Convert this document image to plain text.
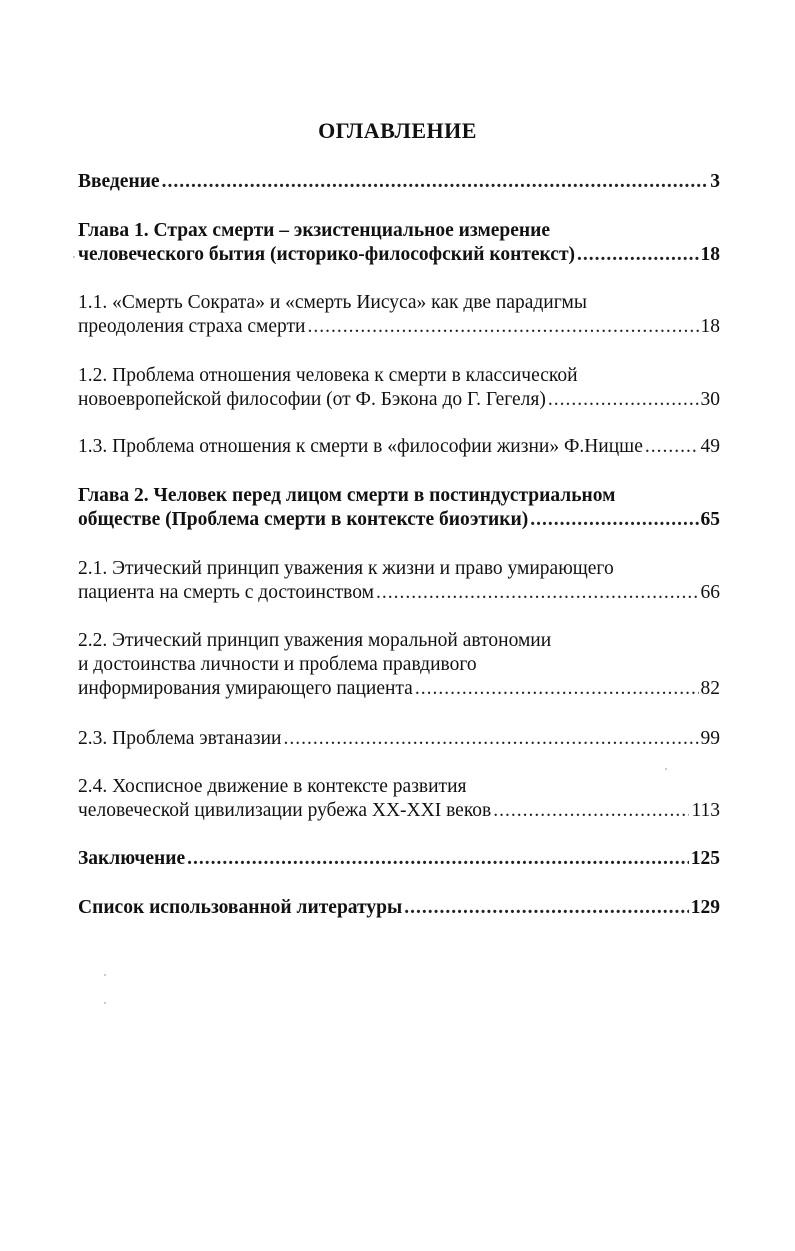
ОГЛАВЛЕНИЕ
Введение .....	3
Глава 1. Страх смерти – экзистенциальное измерение
человеческого бытия (историко-философский контекст) .....	18
1.1. «Смерть Сократа» и «смерть Иисуса» как две парадигмы
преодоления страха смерти .....	18
1.2. Проблема отношения человека к смерти в классической
новоевропейской философии (от Ф. Бэкона до Г. Гегеля) .....	30
1.3. Проблема отношения к смерти в «философии жизни» Ф.Ницше .....	49
Глава 2. Человек перед лицом смерти в постиндустриальном
обществе (Проблема смерти в контексте биоэтики) .....	65
2.1. Этический принцип уважения к жизни и право умирающего
пациента на смерть с достоинством .....	66
2.2. Этический принцип уважения моральной автономии
и достоинства личности и проблема правдивого
информирования умирающего пациента .....	82
2.3. Проблема эвтаназии .....	99
2.4. Хосписное движение в контексте развития
человеческой цивилизации рубежа XX-XXI веков .....	113
Заключение .....	125
Список использованной литературы .....	129
